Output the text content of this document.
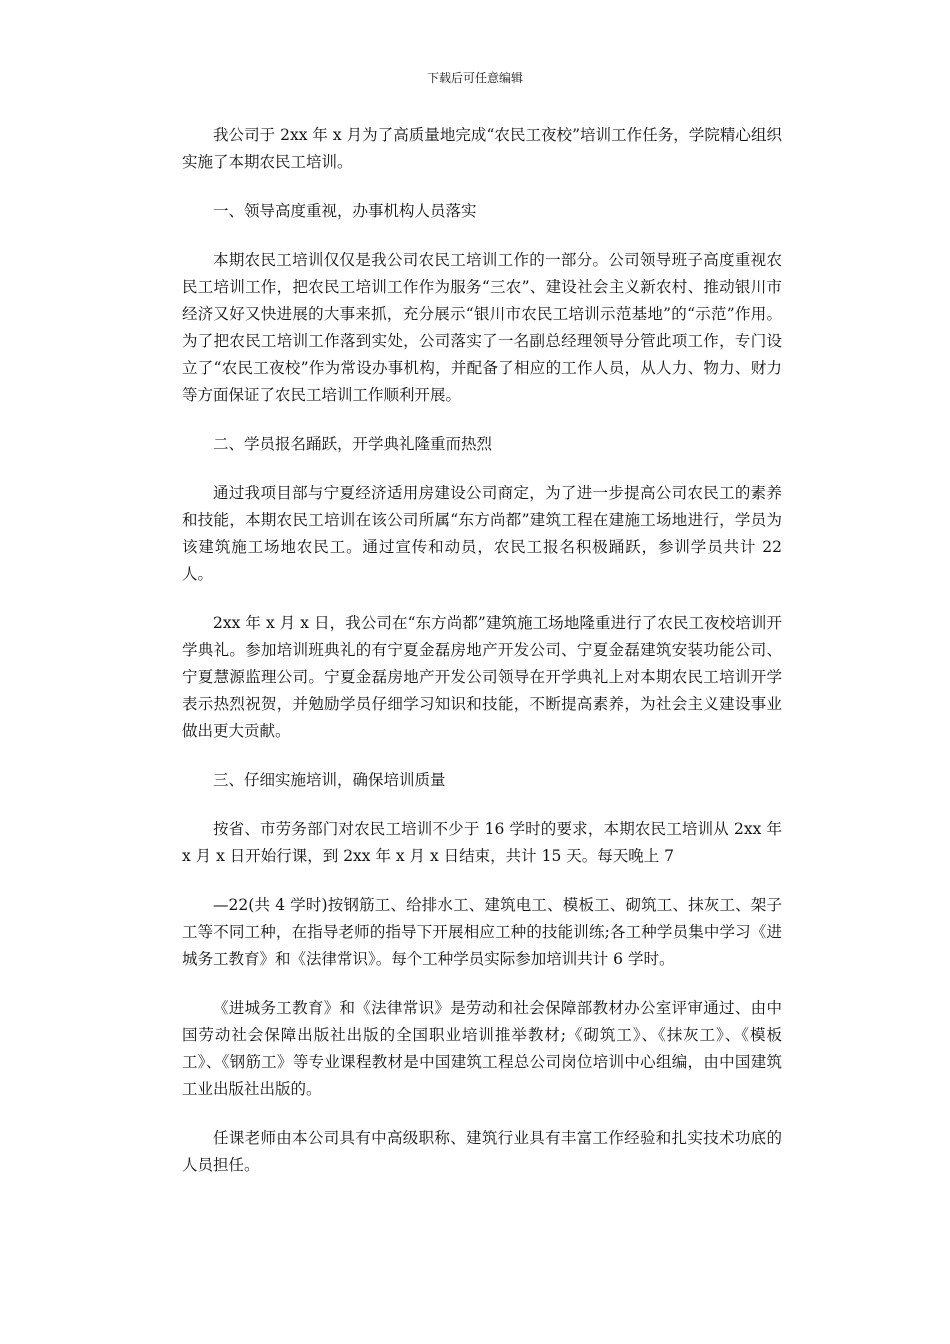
下载后可任意编辑

我公司于 2xx 年 x 月为了高质量地完成“农民工夜校”培训工作任务，学院精心组织实施了本期农民工培训。

一、领导高度重视，办事机构人员落实

本期农民工培训仅仅是我公司农民工培训工作的一部分。公司领导班子高度重视农民工培训工作，把农民工培训工作作为服务“三农”、建设社会主义新农村、推动银川市经济又好又快进展的大事来抓，充分展示“银川市农民工培训示范基地”的“示范”作用。为了把农民工培训工作落到实处，公司落实了一名副总经理领导分管此项工作，专门设立了“农民工夜校”作为常设办事机构，并配备了相应的工作人员，从人力、物力、财力等方面保证了农民工培训工作顺利开展。

二、学员报名踊跃，开学典礼隆重而热烈

通过我项目部与宁夏经济适用房建设公司商定，为了进一步提高公司农民工的素养和技能，本期农民工培训在该公司所属“东方尚都”建筑工程在建施工场地进行，学员为该建筑施工场地农民工。通过宣传和动员，农民工报名积极踊跃，参训学员共计 22 人。

2xx 年 x 月 x 日，我公司在“东方尚都”建筑施工场地隆重进行了农民工夜校培训开学典礼。参加培训班典礼的有宁夏金磊房地产开发公司、宁夏金磊建筑安装功能公司、宁夏慧源监理公司。宁夏金磊房地产开发公司领导在开学典礼上对本期农民工培训开学表示热烈祝贺，并勉励学员仔细学习知识和技能，不断提高素养，为社会主义建设事业做出更大贡献。

三、仔细实施培训，确保培训质量

按省、市劳务部门对农民工培训不少于 16 学时的要求，本期农民工培训从 2xx 年 x 月 x 日开始行课，到 2xx 年 x 月 x 日结束，共计 15 天。每天晚上 7

—22(共 4 学时)按钢筋工、给排水工、建筑电工、模板工、砌筑工、抹灰工、架子工等不同工种，在指导老师的指导下开展相应工种的技能训练;各工种学员集中学习《进城务工教育》和《法律常识》。每个工种学员实际参加培训共计 6 学时。

《进城务工教育》和《法律常识》是劳动和社会保障部教材办公室评审通过、由中国劳动社会保障出版社出版的全国职业培训推举教材;《砌筑工》、《抹灰工》、《模板工》、《钢筋工》等专业课程教材是中国建筑工程总公司岗位培训中心组编，由中国建筑工业出版社出版的。

任课老师由本公司具有中高级职称、建筑行业具有丰富工作经验和扎实技术功底的人员担任。
